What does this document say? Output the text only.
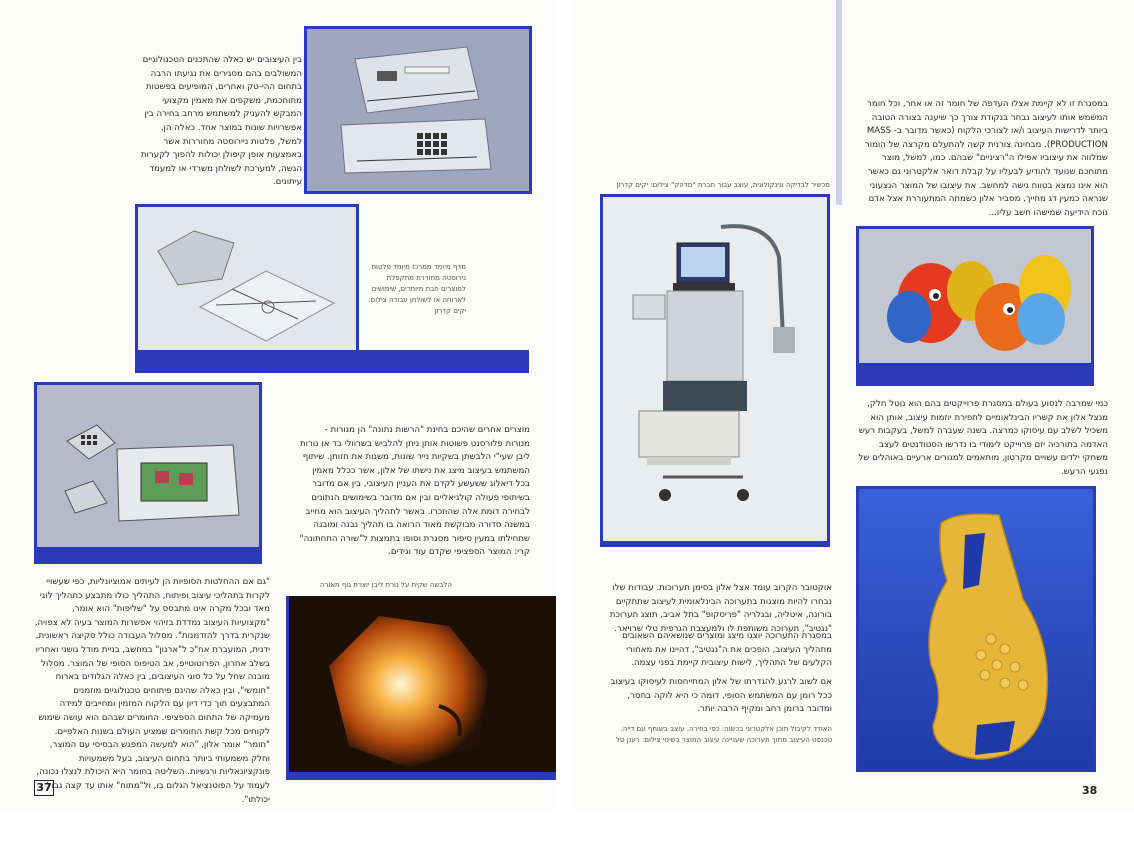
בין העיצובים יש כאלה שהתכנים הטכנולוגיים המשולבים בהם מסגירים את נגיעתו הרבה בתחום ההי-טק ואחרים, המופיעים בפשטות מתוחכמת, משקפים את מאמין מקצועי המבקש להעניק למשתמש מרחב בחירה בין אפשרויות שונות במוצר אחד. כאלה הן, למשל, פלטות ניירוסטה מחוררות אשר באמצעות אופן קיפולן יכולות להפוך לקערות הגשה, למערכת לשולחן משרדי או למעמד עיתונים.
מדף מיומד ממרכז מיומד פלטות נירוסטה מחוררת מתקפלת למוצרים חבת מיוחדים, שימושים לארוחה או לשולחן עבודה צילום: יקים קדרון
מוצרים אחרים שהיכם בחינת "הרשות נתונה" הן מנורות - מנורות פלורסנט פשוטות אותן ניתן להלביש בשרוולי בד או נורות ליבן שעי"י הלבשתן בשקיות נייר שונות, משנות את חזותן. שיתוף המשתמש בעיצוב מיצג את נישתו של אלון, אשר ככלל מאמין בכל דיאלוג ששעשע לקדם את העניין העיצובי, בין אם מדובר בשיתופי פעולה קולגיאליים ובין אם מדובר בשימושים הנתונים לבחירה דומת אלה שהוזכרו. באשר לתהליך העיצוב הוא מחייב במשנה סדורה מבוקשת מאוד הרואה בו תהליך נבנה ומובנה שתחילתו במעין סיפור מסגרת וסופו בתמצות ל"שורה התחתונה" קרי: המוצר הספציפי שקדם עוד וגידים.
הלבשה שקית על נורת ליבן יוצרת גוף תאורה
"גם אם ההחלטות הסופיות הן לעיתים אמוציונליות, כפי שעשויי לקרות בתהליכי עיצוב ופיתוח, התהליך כולו מתבצע כתהליך לוגי מאד ובכל מקרה אינו מתבסס על "שליפות" הוא אומר, "מקצועיות העיצוב נמדדת בזיהוי אפשרות המוצר בעיה לא צפויה, שנקרית בדרך להזדמנות". מסלול העבודה כולל סקיצה ראשונית, ידנית, המועברת אח"כ ל"ארגון" במחשב, בניית מודל גושני ואחריו בשלב אחרון, הפרוטוטייפ, אב הטיפוס הסופי של המוצר. מסלול מובנה שחל על כל סוגי העיצובים, בין כאלה הגלודים בארוח "חומשי", ובין כאלה שהינם פיתוחים טכנולוגיים מוזמנים המתבצעים תוך כדי דיון עם הלקוח המזמין ומחייבים למידה מעמיקה של התחום הספציפי. החומרים שבהם הוא עושה שימוש לקוחים מכל קשת החומרים שמציע העולם בשנות האלפיים. "חומר" אומר אלון, "הוא למעשה המפגש הבסיסי עם המוצר, וחלק משמעותי ביותר בתחום העיצוב, בעל משמעויות פונקציונאליות ורגשיות. השליטה בחומר היא היכולת לנצלו נכונה, לעמוד על הפוטנציאל הגלום בו, ול"מתוח" אותו עד קצה גבול יכולתו".
37
במסגרת זו לא קיימת אצלו העדפה של חומר זה או אחר, וכל חומר המשמש אותו לעיצוב נבחר בנקודת צורך כך שיענה בצורה הטובה ביותר לדרישות העיצוב ו/או לצורכי הלקוח (כאשר מדובר ב- MASS PRODUCTION). מבחינה צורנית קשה להתעלם מקרצה של הומור שמלווה את עיצוביו אפילו ה"רציניים" שבהם. כמו, למשל, מוצר מתוחכם שנועד להודיע לבעליו על קבלת דואר אלקטרוני גם כאשר הוא אינו נמצא בטווח גישה למחשב. את עיצובו של המוצר הנצעוני שנראה כמעין דג מחייך, מסביר אלון כשמחה המתעוררת אצל אדם נוכח הידיעה שמישהו חשב עליו...
מכשיר לבדיקה וגינקולוגית, עוצב עבור חברת "מדהק" צילום: יקים קדרון
כמי שמרבה לנסוע בעולם במסגרת פרוייקטים בהם הוא נוטל חלק, מנצל אלון את קשריו הבינלאומיים לתפירת יוזמות עיצוב, אותן הוא משכיל לשלב עם עיסוקו כמרצה. בשנה שעברה למשל, בעקבות רעש האדמה בתורכיה יזם פרוייקט לימודי בו נדרשו הסטודנטים לעצב משחקי ילדים עשויים מקרטון, מותאמים למגורים ארעיים באוהלים של נפגעי הרעש.
אוקטובר הקרוב עומד אצל אלון בסימן תערוכות. עבודות שלו נבחרו להיות מוצגות בתערוכה הבינלאומית לעיצוב שתתקיים בורונה, איטליה, ובגלריה "פריסקופ" בתל אביב, תוצג תערוכת "נגטיב", תערוכה משותפת לו ולמעצבת הגרפית טלי שרויאר.
במסגרת התערוכה יוצגו מיצג ומוצרים שנושאיהם השאובים מתהליך העיצוב, הופכים את ה"נגטיב", דהיינו את מאחורי הקלעים של התהליך, לישות עיצובית קיימת בפני עצמה.
אם לשוב לרגע להגדרתו של אלון המתייחסות לעיסוקו בעיצוב ככל רומן עם המשתמש הסופי, דומה כי היא לוקה בחסר, ומדובר ברומן רחב ומקיף הרבה יותר.
האודד לקיבול תוכן אלקטרוני בכשוה: כפי בחירה. עוצב בשותף עם דייה. טכנפט העיצוב מתוך תערוכה שעניינה עיצוב המוצר בשינוי צילום: רענן טל
38
